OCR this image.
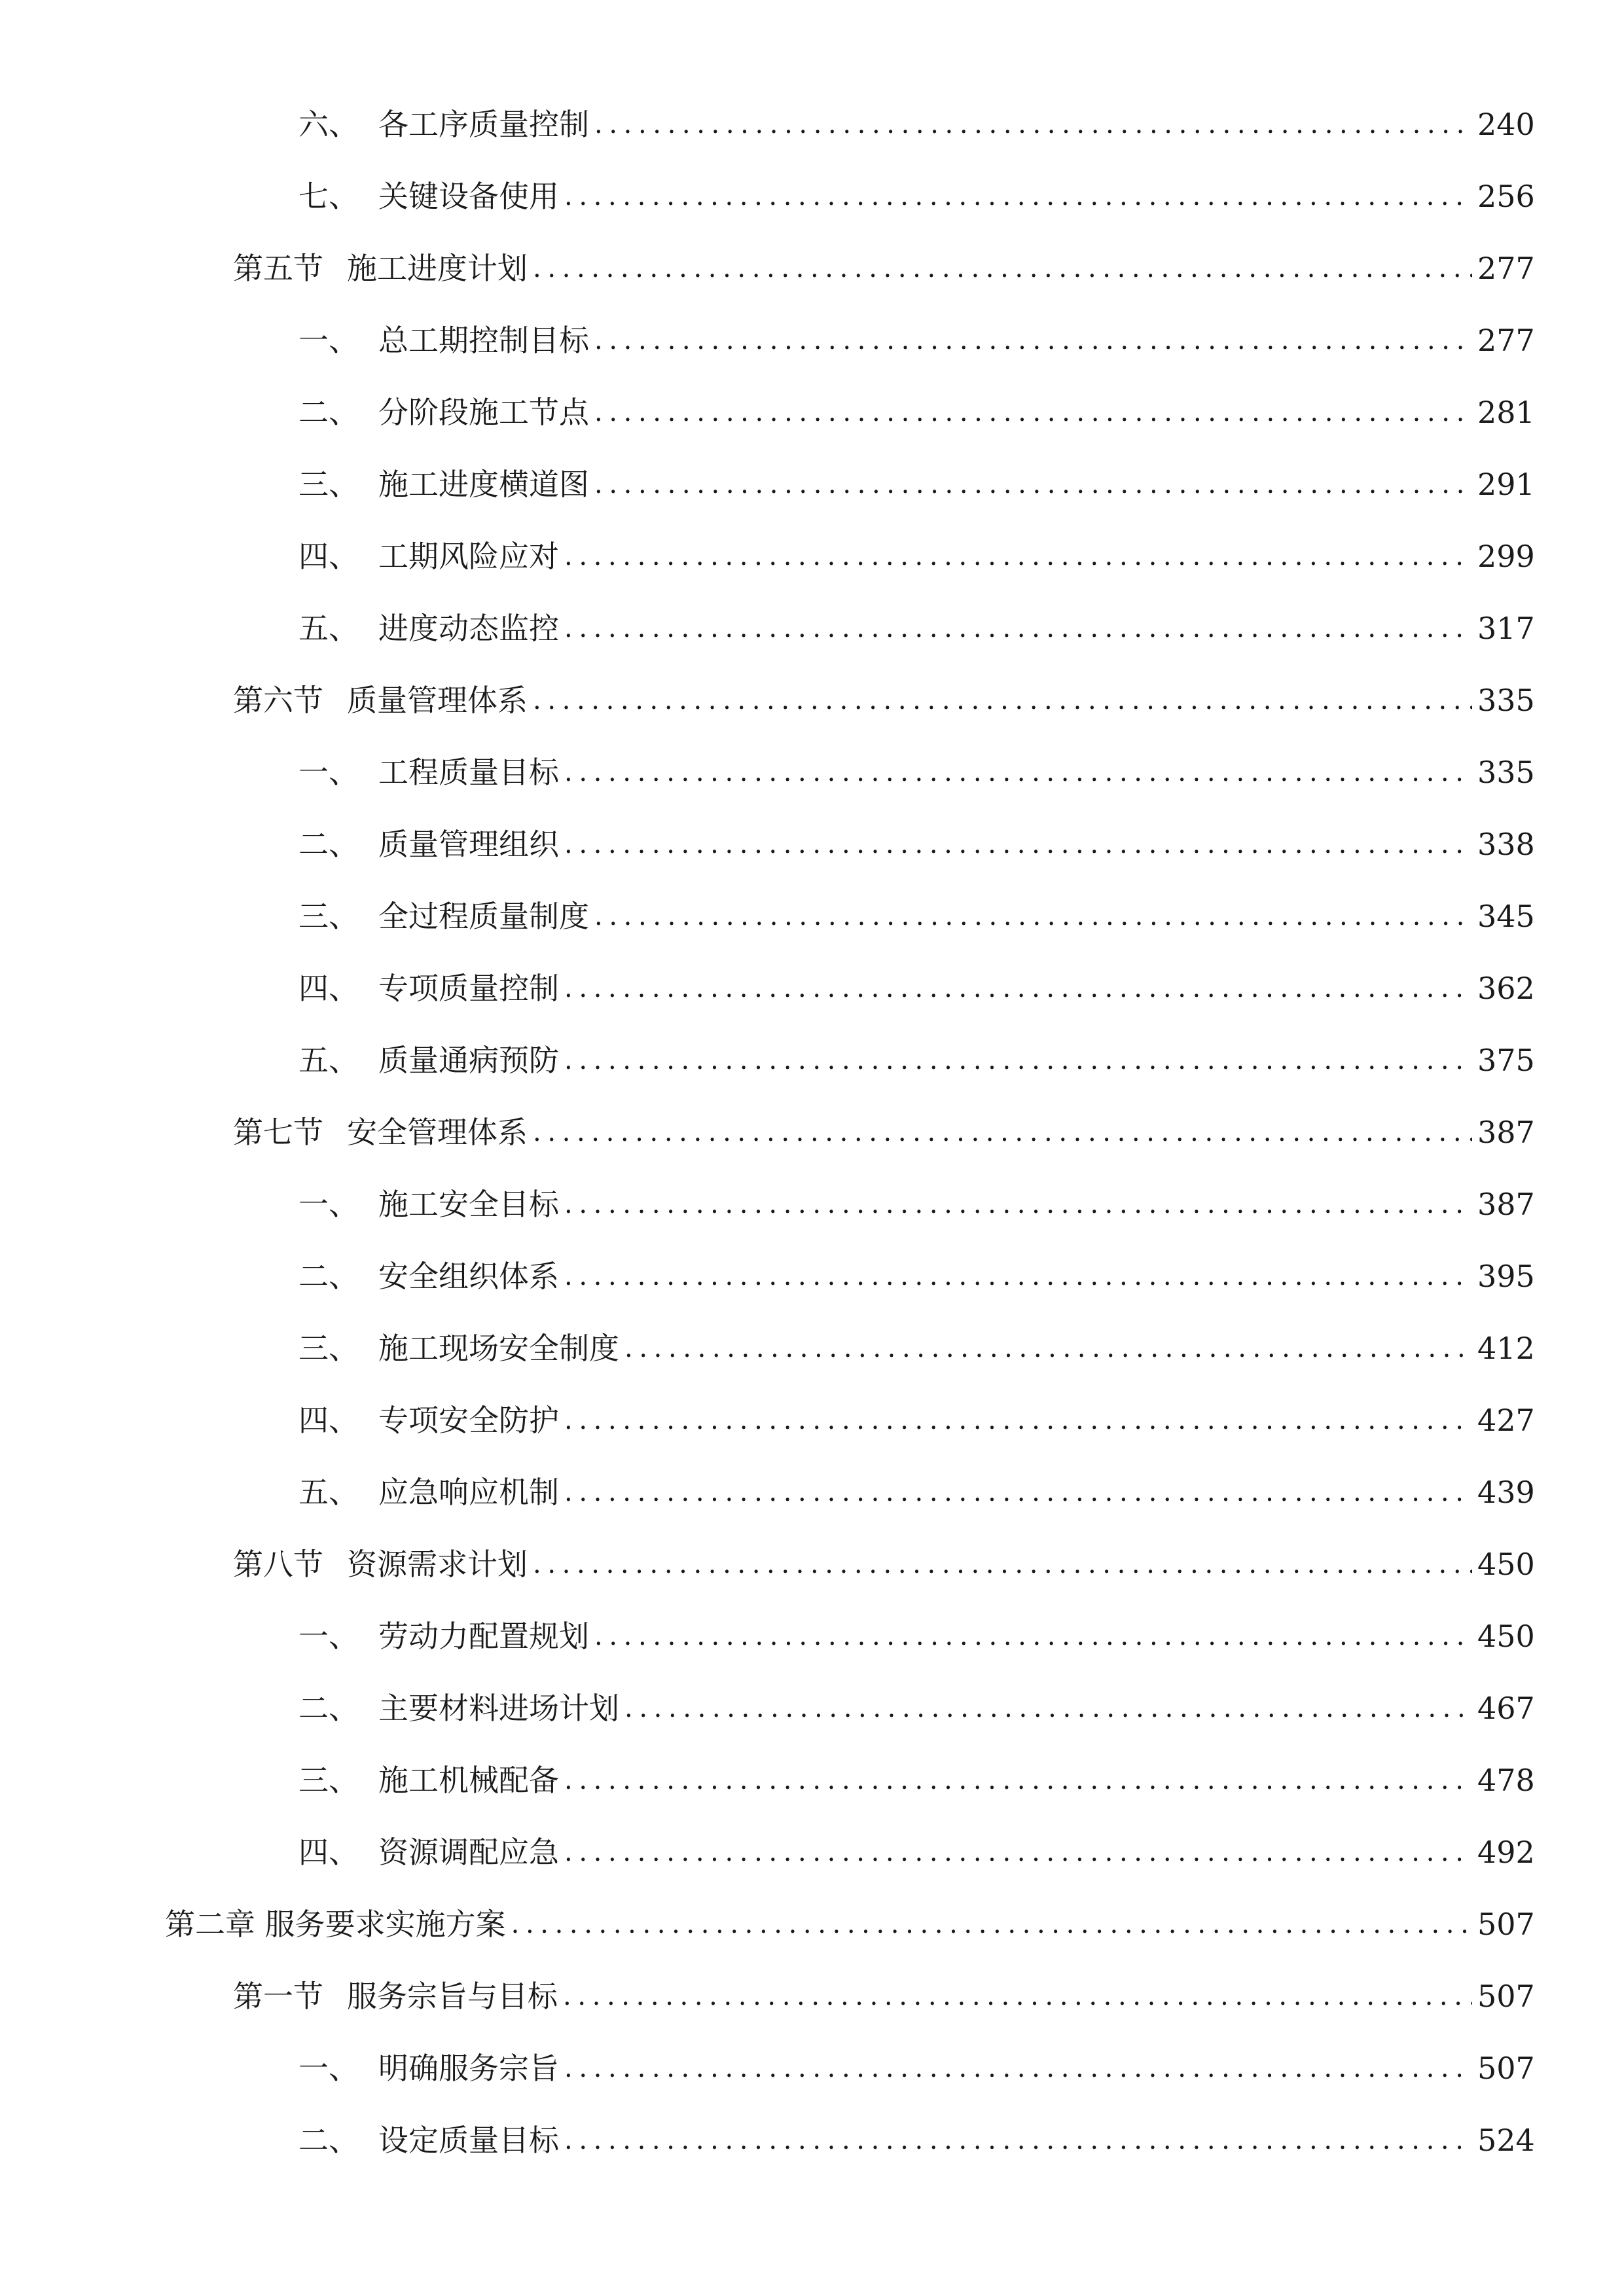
六、 各工序质量控制 .....	240
七、 关键设备使用 .....	256
第五节 施工进度计划 .....	277
一、 总工期控制目标 .....	277
二、 分阶段施工节点 .....	281
三、 施工进度横道图 .....	291
四、 工期风险应对 .....	299
五、 进度动态监控 .....	317
第六节 质量管理体系 .....	335
一、 工程质量目标 .....	335
二、 质量管理组织 .....	338
三、 全过程质量制度 .....	345
四、 专项质量控制 .....	362
五、 质量通病预防 .....	375
第七节 安全管理体系 .....	387
一、 施工安全目标 .....	387
二、 安全组织体系 .....	395
三、 施工现场安全制度 .....	412
四、 专项安全防护 .....	427
五、 应急响应机制 .....	439
第八节 资源需求计划 .....	450
一、 劳动力配置规划 .....	450
二、 主要材料进场计划 .....	467
三、 施工机械配备 .....	478
四、 资源调配应急 .....	492
第二章 服务要求实施方案 .....	507
第一节 服务宗旨与目标 .....	507
一、 明确服务宗旨 .....	507
二、 设定质量目标 .....	524
